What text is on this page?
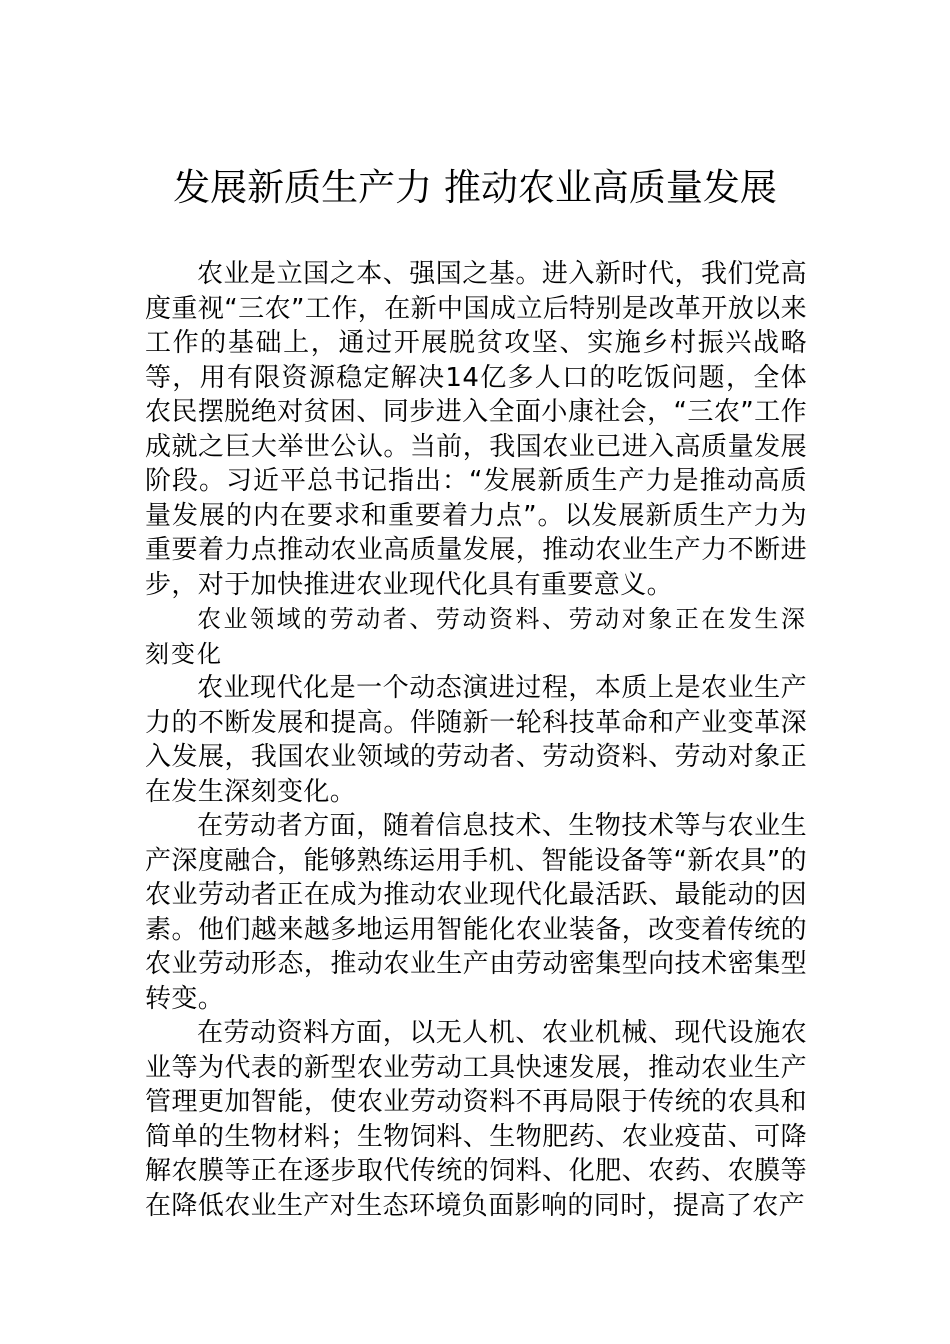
发展新质生产力 推动农业高质量发展

农业是立国之本、强国之基。进入新时代，我们党高度重视“三农”工作，在新中国成立后特别是改革开放以来工作的基础上，通过开展脱贫攻坚、实施乡村振兴战略等，用有限资源稳定解决14亿多人口的吃饭问题，全体农民摆脱绝对贫困、同步进入全面小康社会，“三农”工作成就之巨大举世公认。当前，我国农业已进入高质量发展阶段。习近平总书记指出：“发展新质生产力是推动高质量发展的内在要求和重要着力点”。以发展新质生产力为重要着力点推动农业高质量发展，推动农业生产力不断进步，对于加快推进农业现代化具有重要意义。

农业领域的劳动者、劳动资料、劳动对象正在发生深刻变化

农业现代化是一个动态演进过程，本质上是农业生产力的不断发展和提高。伴随新一轮科技革命和产业变革深入发展，我国农业领域的劳动者、劳动资料、劳动对象正在发生深刻变化。

在劳动者方面，随着信息技术、生物技术等与农业生产深度融合，能够熟练运用手机、智能设备等“新农具”的农业劳动者正在成为推动农业现代化最活跃、最能动的因素。他们越来越多地运用智能化农业装备，改变着传统的农业劳动形态，推动农业生产由劳动密集型向技术密集型转变。

在劳动资料方面，以无人机、农业机械、现代设施农业等为代表的新型农业劳动工具快速发展，推动农业生产管理更加智能，使农业劳动资料不再局限于传统的农具和简单的生物材料；生物饲料、生物肥药、农业疫苗、可降解农膜等正在逐步取代传统的饲料、化肥、农药、农膜等在降低农业生产对生态环境负面影响的同时，提高了农产
